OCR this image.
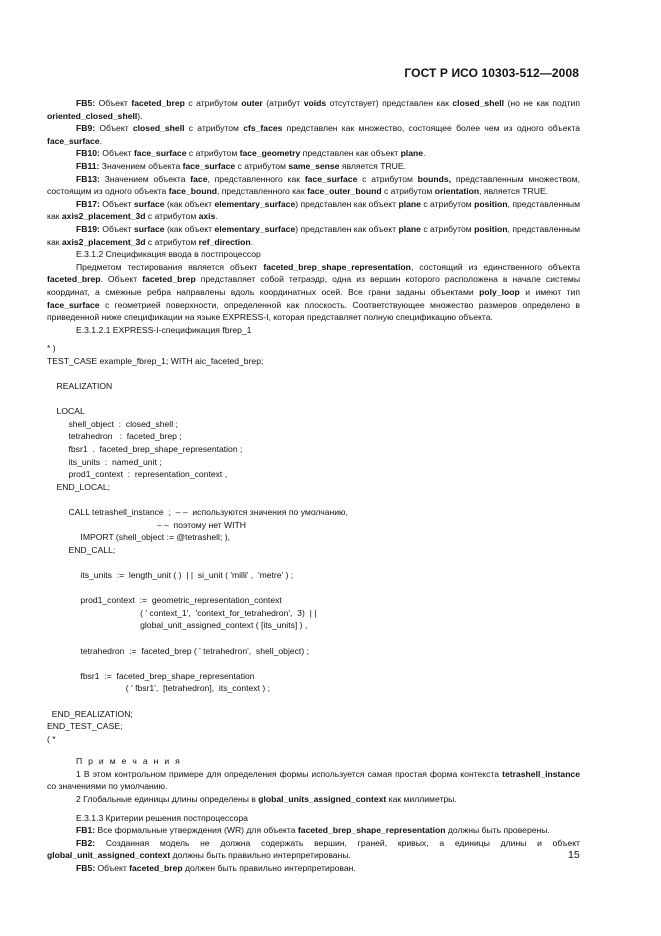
ГОСТ Р ИСО 10303-512—2008

FB5: Объект faceted_brep с атрибутом outer (атрибут voids отсутствует) представлен как closed_shell (но не как подтип oriented_closed_shell).

FB9: Объект closed_shell с атрибутом cfs_faces представлен как множество, состоящее более чем из одного объекта face_surface.

FB10: Объект face_surface с атрибутом face_geometry представлен как объект plane.

FB11: Значением объекта face_surface с атрибутом same_sense является TRUE.

FB13: Значением объекта face, представленного как face_surface с атрибутом bounds, представленным множеством, состоящим из одного объекта face_bound, представленного как face_outer_bound с атрибутом orientation, является TRUE.

FB17: Объект surface (как объект elementary_surface) представлен как объект plane с атрибутом position, представленным как axis2_placement_3d с атрибутом axis.

FB19: Объект surface (как объект elementary_surface) представлен как объект plane с атрибутом position, представленным как axis2_placement_3d с атрибутом ref_direction.

Е.3.1.2 Спецификация ввода в постпроцессор

Предметом тестирования является объект faceted_brep_shape_representation, состоящий из единственного объекта faceted_brep. Объект faceted_brep представляет собой тетраэдр, одна из вершин которого расположена в начале системы координат, а смежные ребра направлены вдоль координатных осей. Все грани заданы объектами poly_loop и имеют тип face_surface с геометрией поверхности, определенной как плоскость. Соответствующее множество размеров определено в приведенной ниже спецификации на языке EXPRESS-I, которая представляет полную спецификацию объекта.

Е.3.1.2.1 EXPRESS-I-спецификация fbrep_1

* )
TEST_CASE example_fbrep_1; WITH aic_faceted_brep;

REALIZATION

LOCAL
shell_object  :  closed_shell ;
tetrahedron   :  faceted_brep ;
fbsr1  .  faceted_brep_shape_representation ;
its_units  :  named_unit ;
prod1_context  :  representation_context ,
END_LOCAL;

CALL tetrashell_instance  ;  – –  используются значения по умолчанию,
– –  поэтому нет WITH
IMPORT (shell_object := @tetrashell; ),
END_CALL;

its_units  :=  length_unit ( )  | |  si_unit ( 'milli' ,  'metre' ) ;

prod1_context  :=  geometric_representation_context
( ' context_1',  'context_for_tetrahedron',  3)  | |
global_unit_assigned_context ( [its_units] ) ,

tetrahedron  :=  faceted_brep ( ' tetrahedron',  shell_object) ;

fbsr1  :=  faceted_brep_shape_representation
( ' fbsr1',  [tetrahedron],  its_context ) ;

END_REALIZATION;
END_TEST_CASE;
( *

П р и м е ч а н и я

1 В этом контрольном примере для определения формы используется самая простая форма контекста tetrashell_instance со значениями по умолчанию.

2 Глобальные единицы длины определены в global_units_assigned_context как миллиметры.

Е.3.1.3 Критерии решения постпроцессора

FB1: Все формальные утверждения (WR) для объекта faceted_brep_shape_representation должны быть проверены.

FB2: Созданная модель не должна содержать вершин, граней, кривых, а единицы длины и объект global_unit_assigned_context должны быть правильно интерпретированы.

FB5: Объект faceted_brep должен быть правильно интерпретирован.

15
